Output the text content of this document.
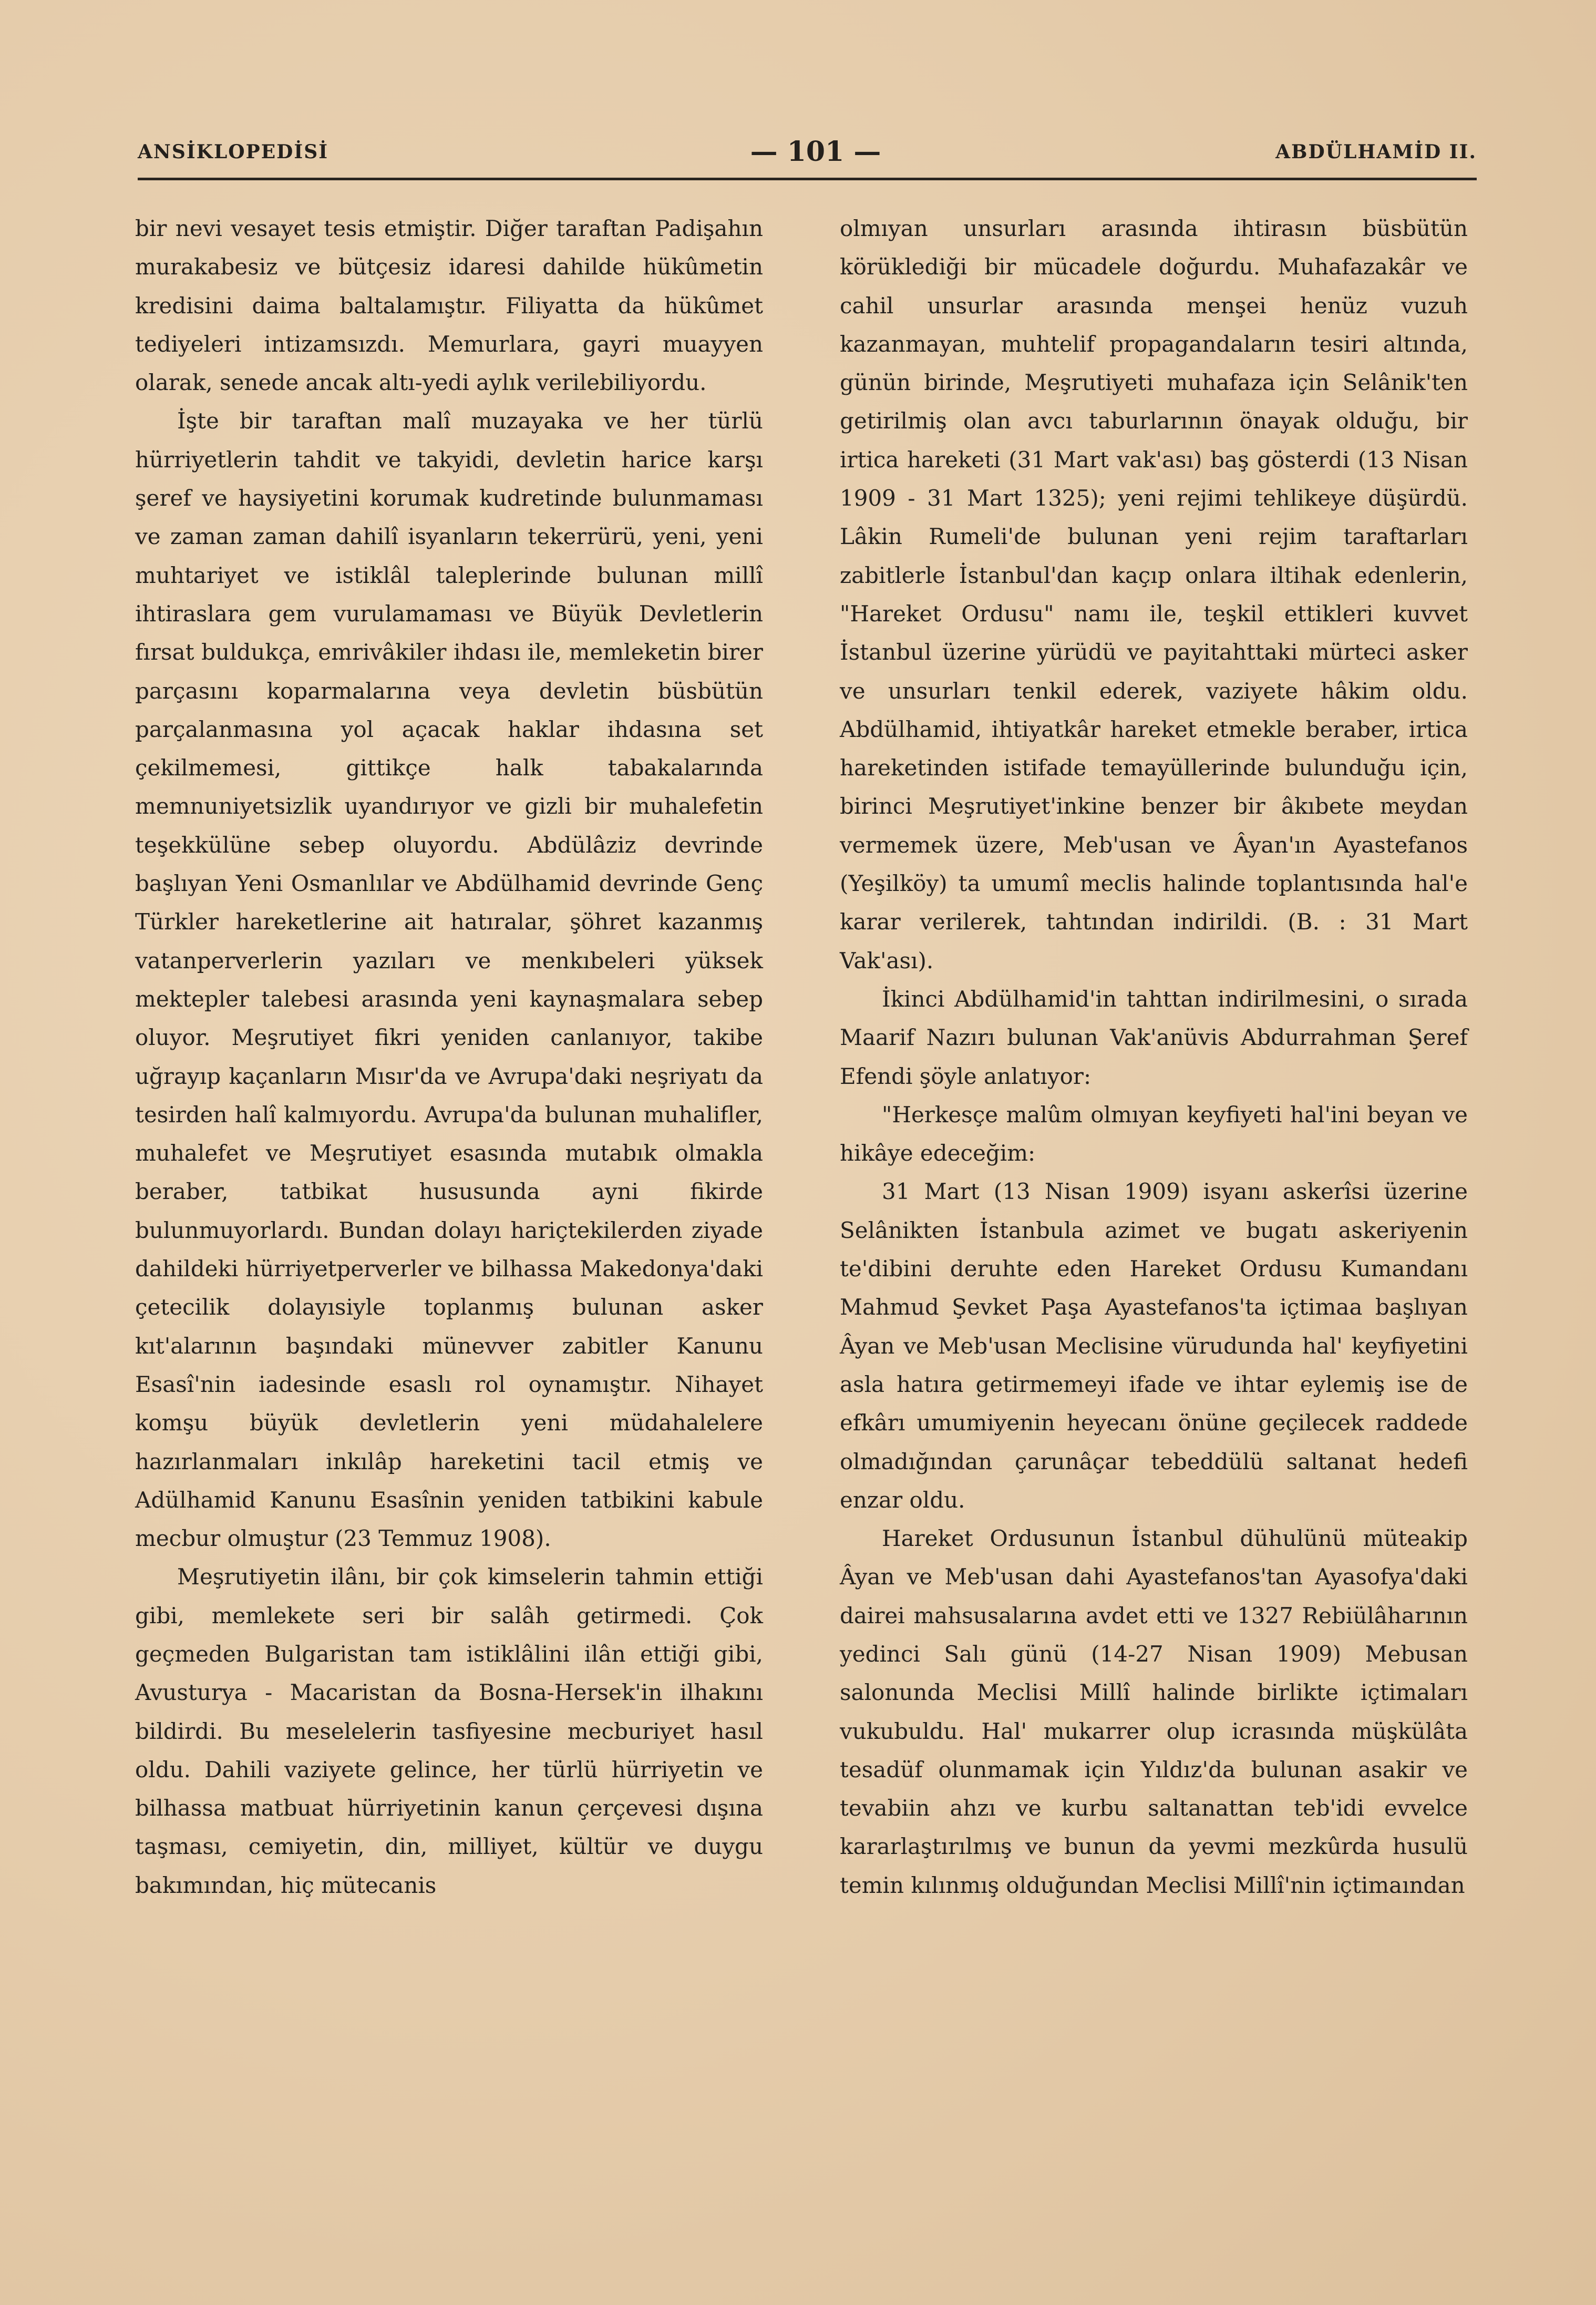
ANSİKLOPEDİSİ	— 101 —	ABDÜLHAMİD II.

bir nevi vesayet tesis etmiştir. Diğer taraftan Padişahın murakabesiz ve bütçesiz idaresi dahilde hükûmetin kredisini daima baltalamıştır. Filiyatta da hükûmet tediyeleri intizamsızdı. Memurlara, gayri muayyen olarak, senede ancak altı-yedi aylık verilebiliyordu.

İşte bir taraftan malî muzayaka ve her türlü hürriyetlerin tahdit ve takyidi, devletin harice karşı şeref ve haysiyetini korumak kudretinde bulunmaması ve zaman zaman dahilî isyanların tekerrürü, yeni, yeni muhtariyet ve istiklâl taleplerinde bulunan millî ihtiraslara gem vurulamaması ve Büyük Devletlerin fırsat buldukça, emrivâkiler ihdası ile, memleketin birer parçasını koparmalarına veya devletin büsbütün parçalanmasına yol açacak haklar ihdasına set çekilmemesi, gittikçe halk tabakalarında memnuniyetsizlik uyandırıyor ve gizli bir muhalefetin teşekkülüne sebep oluyordu. Abdülâziz devrinde başlıyan Yeni Osmanlılar ve Abdülhamid devrinde Genç Türkler hareketlerine ait hatıralar, şöhret kazanmış vatanperverlerin yazıları ve menkıbeleri yüksek mektepler talebesi arasında yeni kaynaşmalara sebep oluyor. Meşrutiyet fikri yeniden canlanıyor, takibe uğrayıp kaçanların Mısır'da ve Avrupa'daki neşriyatı da tesirden halî kalmıyordu. Avrupa'da bulunan muhalifler, muhalefet ve Meşrutiyet esasında mutabık olmakla beraber, tatbikat hususunda ayni fikirde bulunmuyorlardı. Bundan dolayı hariçtekilerden ziyade dahildeki hürriyetperverler ve bilhassa Makedonya'daki çetecilik dolayısiyle toplanmış bulunan asker kıt'alarının başındaki münevver zabitler Kanunu Esasî'nin iadesinde esaslı rol oynamıştır. Nihayet komşu büyük devletlerin yeni müdahalelere hazırlanmaları inkılâp hareketini tacil etmiş ve Adülhamid Kanunu Esasînin yeniden tatbikini kabule mecbur olmuştur (23 Temmuz 1908).

Meşrutiyetin ilânı, bir çok kimselerin tahmin ettiği gibi, memlekete seri bir salâh getirmedi. Çok geçmeden Bulgaristan tam istiklâlini ilân ettiği gibi, Avusturya - Macaristan da Bosna-Hersek'in ilhakını bildirdi. Bu meselelerin tasfiyesine mecburiyet hasıl oldu. Dahili vaziyete gelince, her türlü hürriyetin ve bilhassa matbuat hürriyetinin kanun çerçevesi dışına taşması, cemiyetin, din, milliyet, kültür ve duygu bakımından, hiç mütecanis

olmıyan unsurları arasında ihtirasın büsbütün körüklediği bir mücadele doğurdu. Muhafazakâr ve cahil unsurlar arasında menşei henüz vuzuh kazanmayan, muhtelif propagandaların tesiri altında, günün birinde, Meşrutiyeti muhafaza için Selânik'ten getirilmiş olan avcı taburlarının önayak olduğu, bir irtica hareketi (31 Mart vak'ası) baş gösterdi (13 Nisan 1909 - 31 Mart 1325); yeni rejimi tehlikeye düşürdü. Lâkin Rumeli'de bulunan yeni rejim taraftarları zabitlerle İstanbul'dan kaçıp onlara iltihak edenlerin, "Hareket Ordusu" namı ile, teşkil ettikleri kuvvet İstanbul üzerine yürüdü ve payitahttaki mürteci asker ve unsurları tenkil ederek, vaziyete hâkim oldu. Abdülhamid, ihtiyatkâr hareket etmekle beraber, irtica hareketinden istifade temayüllerinde bulunduğu için, birinci Meşrutiyet'inkine benzer bir âkıbete meydan vermemek üzere, Meb'usan ve Âyan'ın Ayastefanos (Yeşilköy) ta umumî meclis halinde toplantısında hal'e karar verilerek, tahtından indirildi. (B. : 31 Mart Vak'ası).

İkinci Abdülhamid'in tahttan indirilmesini, o sırada Maarif Nazırı bulunan Vak'anüvis Abdurrahman Şeref Efendi şöyle anlatıyor:

"Herkesçe malûm olmıyan keyfiyeti hal'ini beyan ve hikâye edeceğim:

31 Mart (13 Nisan 1909) isyanı askerîsi üzerine Selânikten İstanbula azimet ve bugatı askeriyenin te'dibini deruhte eden Hareket Ordusu Kumandanı Mahmud Şevket Paşa Ayastefanos'ta içtimaa başlıyan Âyan ve Meb'usan Meclisine vürudunda hal' keyfiyetini asla hatıra getirmemeyi ifade ve ihtar eylemiş ise de efkârı umumiyenin heyecanı önüne geçilecek raddede olmadığından çarunâçar tebeddülü saltanat hedefi enzar oldu.

Hareket Ordusunun İstanbul dühulünü müteakip Âyan ve Meb'usan dahi Ayastefanos'tan Ayasofya'daki dairei mahsusalarına avdet etti ve 1327 Rebiülâharının yedinci Salı günü (14-27 Nisan 1909) Mebusan salonunda Meclisi Millî halinde birlikte içtimaları vukubuldu. Hal' mukarrer olup icrasında müşkülâta tesadüf olunmamak için Yıldız'da bulunan asakir ve tevabiin ahzı ve kurbu saltanattan teb'idi evvelce kararlaştırılmış ve bunun da yevmi mezkûrda husulü temin kılınmış olduğundan Meclisi Millî'nin içtimaından
